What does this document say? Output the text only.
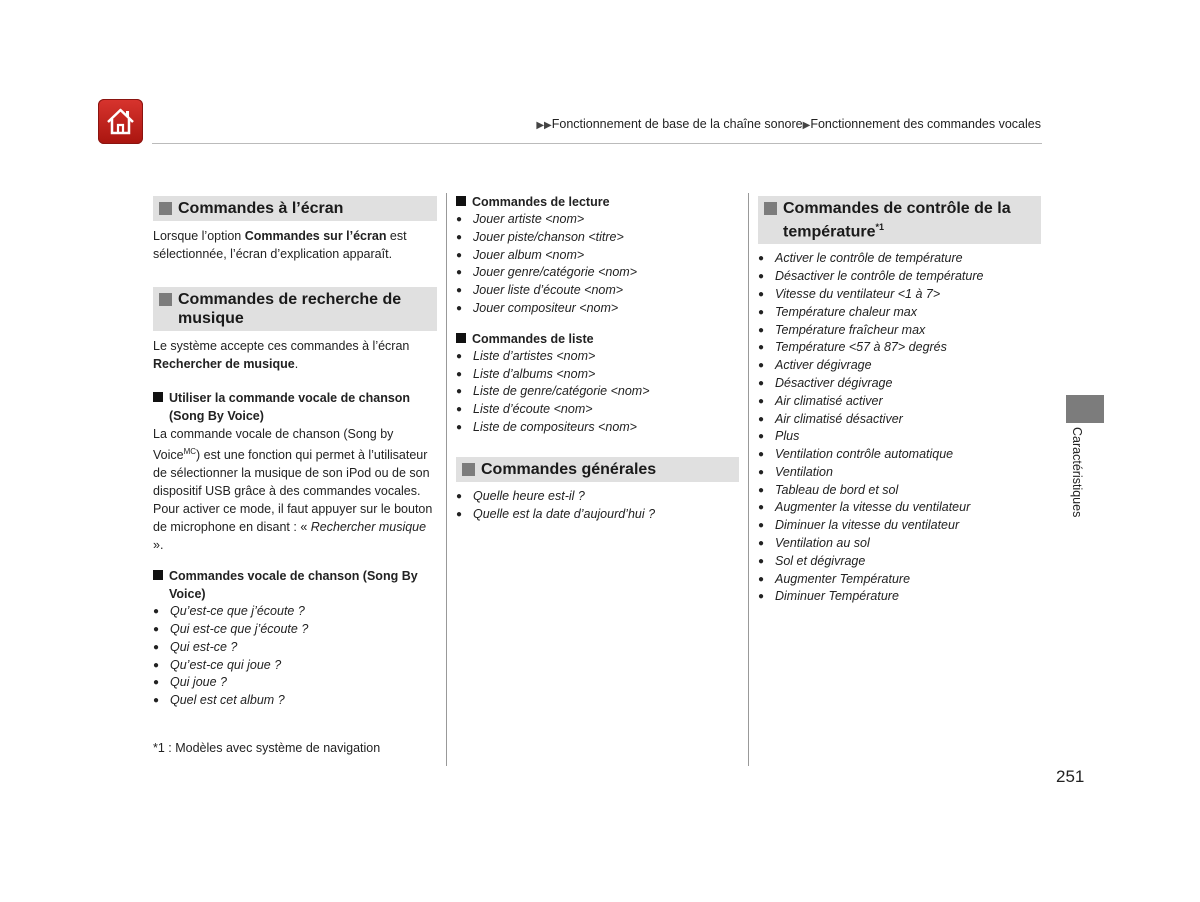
▶▶Fonctionnement de base de la chaîne sonore▶Fonctionnement des commandes vocales
Commandes à l’écran

Lorsque l’option Commandes sur l’écran est sélectionnée, l’écran d’explication apparaît.

Commandes de recherche de musique

Le système accepte ces commandes à l’écran Rechercher de musique.

Utiliser la commande vocale de chanson (Song By Voice)

La commande vocale de chanson (Song by Voice$^{MC}$) est une fonction qui permet à l’utilisateur de sélectionner la musique de son iPod ou de son dispositif USB grâce à des commandes vocales. Pour activer ce mode, il faut appuyer sur le bouton de microphone en disant : « Rechercher musique ».

Commandes vocale de chanson (Song By Voice)
● Qu’est-ce que j’écoute ?
● Qui est-ce que j’écoute ?
● Qui est-ce ?
● Qu’est-ce qui joue ?
● Qui joue ?
● Quel est cet album ?
*1 : Modèles avec système de navigation
Commandes de lecture
● Jouer artiste <nom>
● Jouer piste/chanson <titre>
● Jouer album <nom>
● Jouer genre/catégorie <nom>
● Jouer liste d’écoute <nom>
● Jouer compositeur <nom>
Commandes de liste
● Liste d’artistes <nom>
● Liste d’albums <nom>
● Liste de genre/catégorie <nom>
● Liste d’écoute <nom>
● Liste de compositeurs <nom>
Commandes générales
● Quelle heure est-il ?
● Quelle est la date d’aujourd’hui ?
Commandes de contrôle de la température$^{*1}$
● Activer le contrôle de température
● Désactiver le contrôle de température
● Vitesse du ventilateur <1 à 7>
● Température chaleur max
● Température fraîcheur max
● Température <57 à 87> degrés
● Activer dégivrage
● Désactiver dégivrage
● Air climatisé activer
● Air climatisé désactiver
● Plus
● Ventilation contrôle automatique
● Ventilation
● Tableau de bord et sol
● Augmenter la vitesse du ventilateur
● Diminuer la vitesse du ventilateur
● Ventilation au sol
● Sol et dégivrage
● Augmenter Température
● Diminuer Température
Caractéristiques
251
